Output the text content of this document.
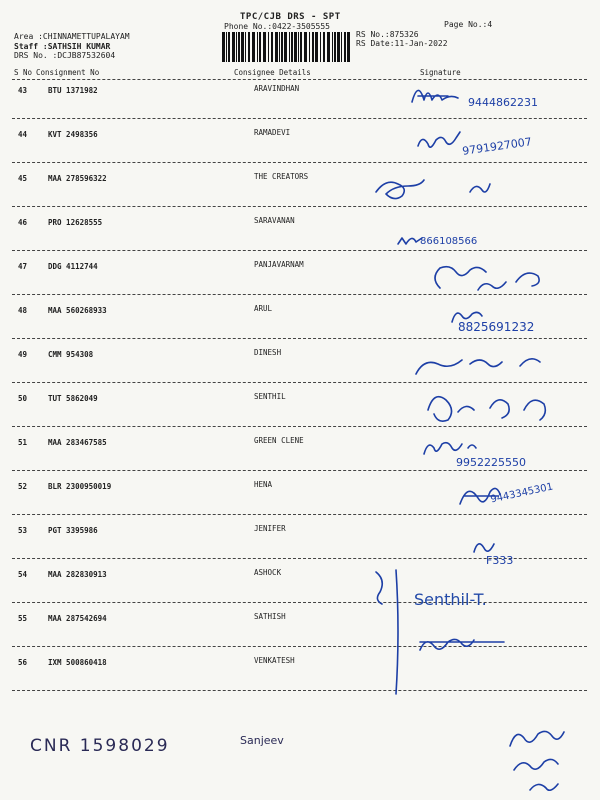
TPC/CJB DRS - SPT
Phone No.:0422-3505555	Page No.:4
RS No.:875326
RS Date:11-Jan-2022
Area :CHINNAMETTUPALAYAM
Staff :SATHSIH KUMAR
DRS No. :DCJB87532604
S No Consignment No	Consignee Details	Signature
43	BTU 1371982	ARAVINDHAN
44	KVT 2498356	RAMADEVI
45	MAA 278596322	THE CREATORS
46	PRO 12628555	SARAVANAN
47	DDG 4112744	PANJAVARNAM
48	MAA 560268933	ARUL
49	CMM 954308	DINESH
50	TUT 5862049	SENTHIL
51	MAA 283467585	GREEN CLENE
52	BLR 2300950019	HENA
53	PGT 3395986	JENIFER
54	MAA 282830913	ASHOCK
55	MAA 287542694	SATHISH
56	IXM 500860418	VENKATESH
9444862231
9791927007
866108566
8825691232
9952225550
9443345301
F333
Senthil-T.
CNR 1598029	Sanjeev
